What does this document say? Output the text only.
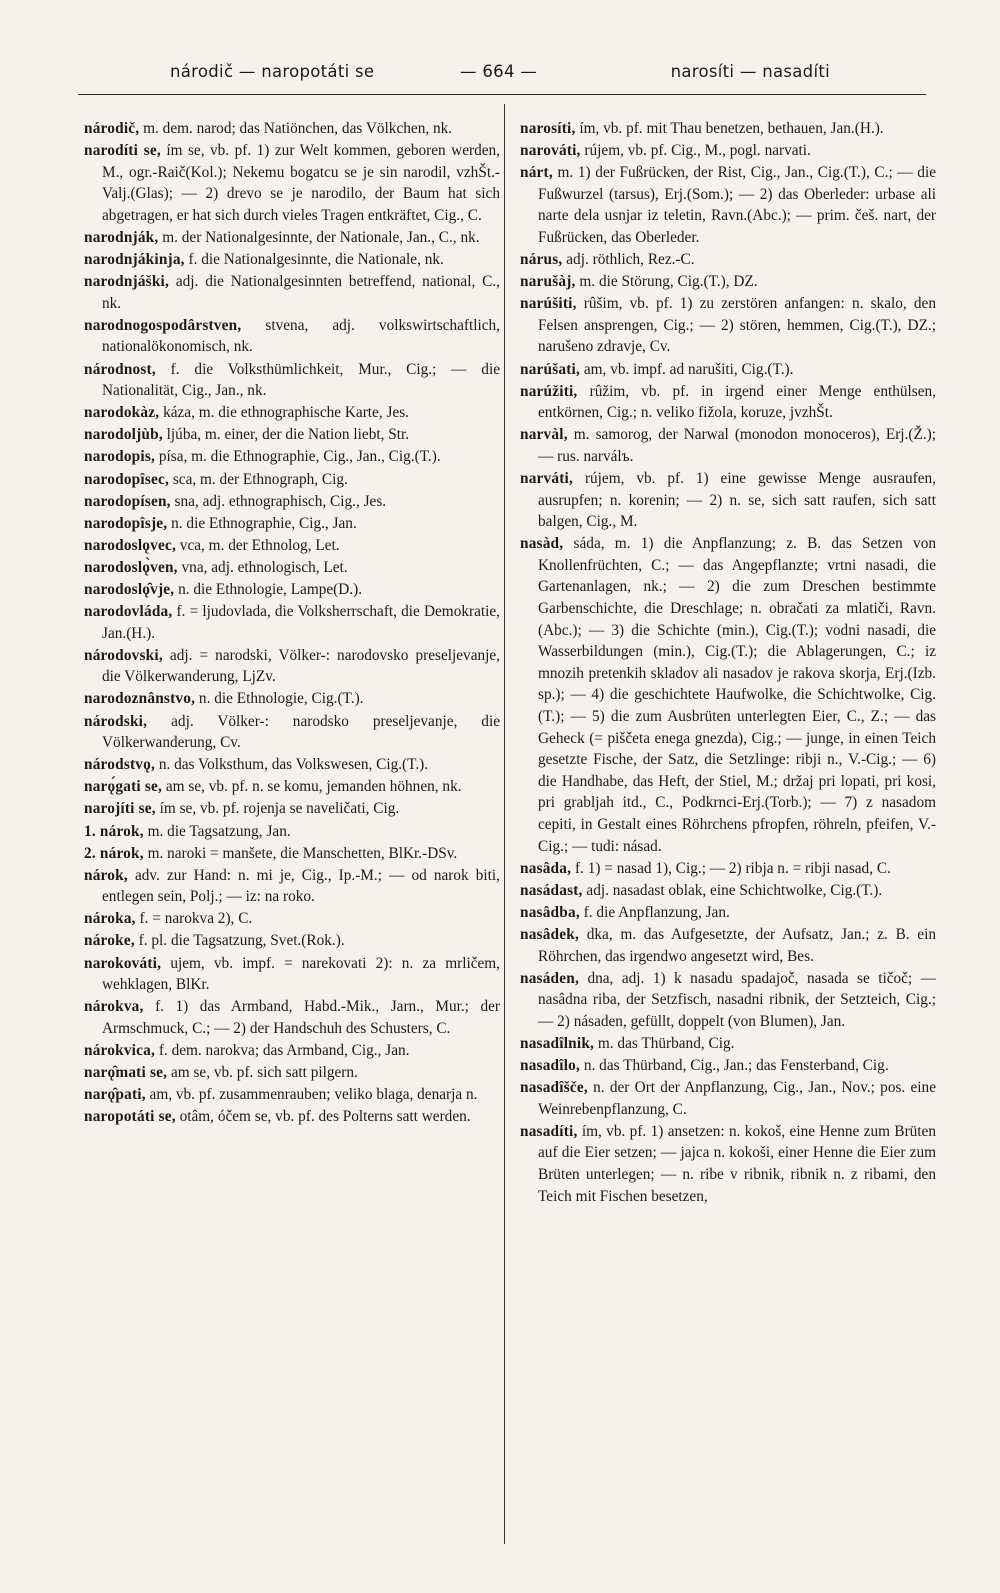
národič — naropotáti se	— 664 —	narosíti — nasadíti

národič, m. dem. narod; das Natiönchen, das Völkchen, nk.

narodíti se, ím se, vb. pf. 1) zur Welt kommen, geboren werden, M., ogr.-Raič(Kol.); Nekemu bogatcu se je sin narodil, vzhŠt.-Valj.(Glas); — 2) drevo se je narodilo, der Baum hat sich abgetragen, er hat sich durch vieles Tragen entkräftet, Cig., C.

narodnják, m. der Nationalgesinnte, der Nationale, Jan., C., nk.

narodnjákinja, f. die Nationalgesinnte, die Nationale, nk.

narodnjáški, adj. die Nationalgesinnten betreffend, national, C., nk.

narodnogospodârstven, stvena, adj. volkswirtschaftlich, nationalökonomisch, nk.

národnost, f. die Volksthümlichkeit, Mur., Cig.; — die Nationalität, Cig., Jan., nk.

narodokàz, káza, m. die ethnographische Karte, Jes.

narodoljùb, ljúba, m. einer, der die Nation liebt, Str.

narodopis, písa, m. die Ethnographie, Cig., Jan., Cig.(T.).

narodopîsec, sca, m. der Ethnograph, Cig.

narodopísen, sna, adj. ethnographisch, Cig., Jes.

narodopîsje, n. die Ethnographie, Cig., Jan.

narodoslǫvec, vca, m. der Ethnolog, Let.

narodoslǫ̀ven, vna, adj. ethnologisch, Let.

narodoslǫ̑vje, n. die Ethnologie, Lampe(D.).

narodovláda, f. = ljudovlada, die Volksherrschaft, die Demokratie, Jan.(H.).

národovski, adj. = narodski, Völker-: narodovsko preseljevanje, die Völkerwanderung, LjZv.

narodoznânstvo, n. die Ethnologie, Cig.(T.).

národski, adj. Völker-: narodsko preseljevanje, die Völkerwanderung, Cv.

národstvǫ, n. das Volksthum, das Volkswesen, Cig.(T.).

narǫ́gati se, am se, vb. pf. n. se komu, jemanden höhnen, nk.

narojíti se, ím se, vb. pf. rojenja se naveličati, Cig.

1. nárok, m. die Tagsatzung, Jan.

2. nárok, m. naroki = manšete, die Manschetten, BlKr.-DSv.

nárok, adv. zur Hand: n. mi je, Cig., Ip.-M.; — od narok biti, entlegen sein, Polj.; — iz: na roko.

nároka, f. = narokva 2), C.

nároke, f. pl. die Tagsatzung, Svet.(Rok.).

narokováti, ujem, vb. impf. = narekovati 2): n. za mrličem, wehklagen, BlKr.

nárokva, f. 1) das Armband, Habd.-Mik., Jarn., Mur.; der Armschmuck, C.; — 2) der Handschuh des Schusters, C.

nárokvica, f. dem. narokva; das Armband, Cig., Jan.

narǫ̑mati se, am se, vb. pf. sich satt pilgern.

narǫ̑pati, am, vb. pf. zusammenrauben; veliko blaga, denarja n.

naropotáti se, otâm, óčem se, vb. pf. des Polterns satt werden.

narosíti, ím, vb. pf. mit Thau benetzen, bethauen, Jan.(H.).

narováti, rújem, vb. pf. Cig., M., pogl. narvati.

nárt, m. 1) der Fußrücken, der Rist, Cig., Jan., Cig.(T.), C.; — die Fußwurzel (tarsus), Erj.(Som.); — 2) das Oberleder: urbase ali narte dela usnjar iz teletin, Ravn.(Abc.); — prim. češ. nart, der Fußrücken, das Oberleder.

nárus, adj. röthlich, Rez.-C.

narušàj, m. die Störung, Cig.(T.), DZ.

narúšiti, rûšim, vb. pf. 1) zu zerstören anfangen: n. skalo, den Felsen ansprengen, Cig.; — 2) stören, hemmen, Cig.(T.), DZ.; narušeno zdravje, Cv.

narúšati, am, vb. impf. ad narušiti, Cig.(T.).

narúžiti, rûžim, vb. pf. in irgend einer Menge enthülsen, entkörnen, Cig.; n. veliko fižola, koruze, jvzhŠt.

narvàl, m. samorog, der Narwal (monodon monoceros), Erj.(Ž.); — rus. narválъ.

narváti, rújem, vb. pf. 1) eine gewisse Menge ausraufen, ausrupfen; n. korenin; — 2) n. se, sich satt raufen, sich satt balgen, Cig., M.

nasàd, sáda, m. 1) die Anpflanzung; z. B. das Setzen von Knollenfrüchten, C.; — das Angepflanzte; vrtni nasadi, die Gartenanlagen, nk.; — 2) die zum Dreschen bestimmte Garbenschichte, die Dreschlage; n. obračati za mlatiči, Ravn.(Abc.); — 3) die Schichte (min.), Cig.(T.); vodni nasadi, die Wasserbildungen (min.), Cig.(T.); die Ablagerungen, C.; iz mnozih pretenkih skladov ali nasadov je rakova skorja, Erj.(Izb. sp.); — 4) die geschichtete Haufwolke, die Schichtwolke, Cig.(T.); — 5) die zum Ausbrüten unterlegten Eier, C., Z.; — das Geheck (= piščeta enega gnezda), Cig.; — junge, in einen Teich gesetzte Fische, der Satz, die Setzlinge: ribji n., V.-Cig.; — 6) die Handhabe, das Heft, der Stiel, M.; držaj pri lopati, pri kosi, pri grabljah itd., C., Podkrnci-Erj.(Torb.); — 7) z nasadom cepiti, in Gestalt eines Röhrchens pfropfen, röhreln, pfeifen, V.-Cig.; — tudi: násad.

nasâda, f. 1) = nasad 1), Cig.; — 2) ribja n. = ribji nasad, C.

nasádast, adj. nasadast oblak, eine Schichtwolke, Cig.(T.).

nasâdba, f. die Anpflanzung, Jan.

nasâdek, dka, m. das Aufgesetzte, der Aufsatz, Jan.; z. B. ein Röhrchen, das irgendwo angesetzt wird, Bes.

nasáden, dna, adj. 1) k nasadu spadajoč, nasada se tičoč; — nasâdna riba, der Setzfisch, nasadni ribnik, der Setzteich, Cig.; — 2) násaden, gefüllt, doppelt (von Blumen), Jan.

nasadîlnik, m. das Thürband, Cig.

nasadîlo, n. das Thürband, Cig., Jan.; das Fensterband, Cig.

nasadîšče, n. der Ort der Anpflanzung, Cig., Jan., Nov.; pos. eine Weinrebenpflanzung, C.

nasadíti, ím, vb. pf. 1) ansetzen: n. kokoš, eine Henne zum Brüten auf die Eier setzen; — jajca n. kokoši, einer Henne die Eier zum Brüten unterlegen; — n. ribe v ribnik, ribnik n. z ribami, den Teich mit Fischen besetzen,
